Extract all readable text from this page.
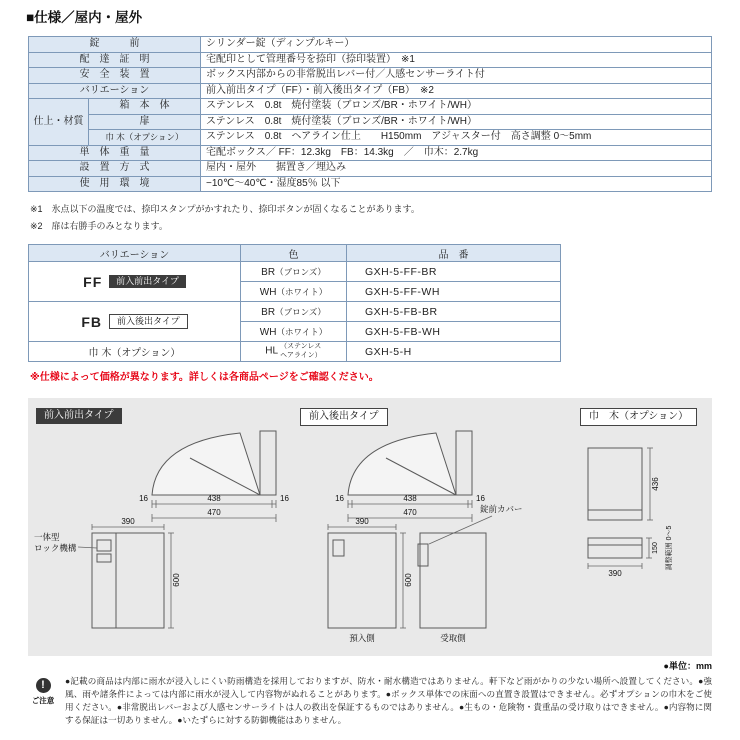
■仕様／屋内・屋外
錠　　　前		シリンダー錠（ディンプルキー）
配　達　証　明		宅配印として管理番号を捺印（捺印装置）　※1
安　全　装　置		ボックス内部からの非常脱出レバー付／人感センサーライト付
バリエーション		前入前出タイプ（FF）・前入後出タイプ（FB）　※2
仕上・材質	箱　本　体	ステンレス　0.8t　焼付塗装（ブロンズ/BR・ホワイト/WH）
	扉	ステンレス　0.8t　焼付塗装（ブロンズ/BR・ホワイト/WH）
	巾 木（オプション）	ステンレス　0.8t　ヘアライン仕上　　H150mm　アジャスター付　高さ調整 0～5mm
単　体　重　量		宅配ボックス／ FF：12.3kg　FB：14.3kg　／　巾木：2.7kg
設　置　方　式		屋内・屋外　　据置き／埋込み
使　用　環　境		−10℃～40℃・湿度85％ 以下
※1　氷点以下の温度では、捺印スタンプがかすれたり、捺印ボタンが固くなることがあります。
※2　扉は右勝手のみとなります。
バリエーション	色	品　番
FF 前入前出タイプ	BR（ブロンズ）	GXH-5-FF-BR
	WH（ホワイト）	GXH-5-FF-WH
FB 前入後出タイプ	BR（ブロンズ）	GXH-5-FB-BR
	WH（ホワイト）	GXH-5-FB-WH
巾 木（オプション）	HL （ステンレス
ヘアライン）	GXH-5-H
※仕様によって価格が異なります。詳しくは各商品ページをご確認ください。
前入前出タイプ	前入後出タイプ	巾　木（オプション）
16	438	16
470
390
600
一体型
ロック機構
16	438	16
470
390
600
錠前カバー
預入側	受取側
436
150 調整範囲 0～5
390
●単位：mm
!
ご注意
●記載の商品は内部に雨水が浸入しにくい防雨構造を採用しておりますが、防水・耐水構造ではありません。軒下など雨がかりの少ない場所へ設置してください。●強風、雨や諸条件によっては内部に雨水が浸入して内容物がぬれることがあります。●ボックス単体での床面への直置き設置はできません。必ずオプションの巾木をご使用ください。●非常脱出レバーおよび人感センサーライトは人の救出を保証するものではありません。●生もの・危険物・貴重品の受け取りはできません。●内容物に関する保証は一切ありません。●いたずらに対する防御機能はありません。
